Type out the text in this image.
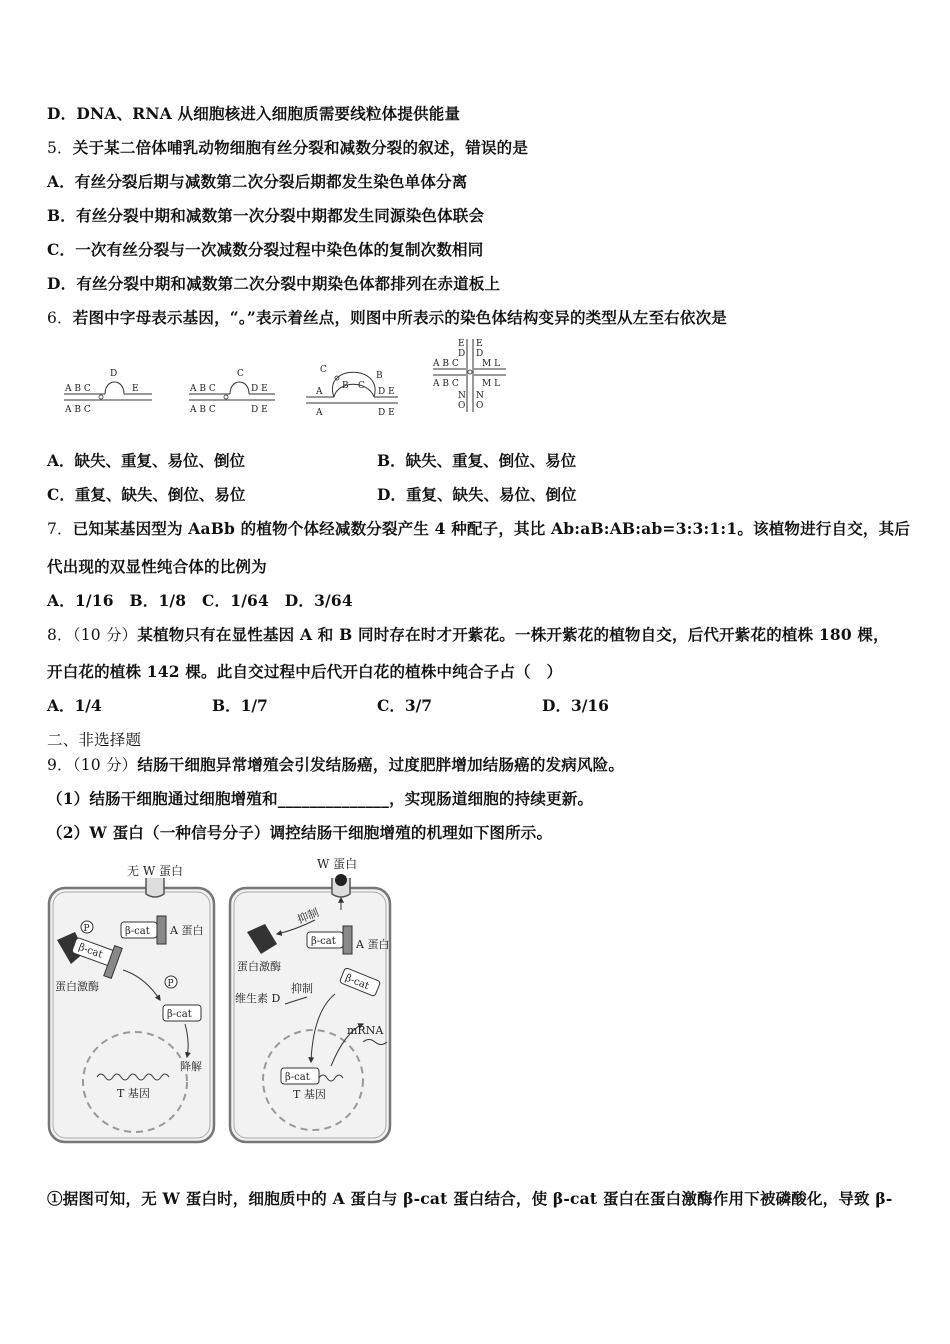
D．DNA、RNA 从细胞核进入细胞质需要线粒体提供能量
5．关于某二倍体哺乳动物细胞有丝分裂和减数分裂的叙述，错误的是
A．有丝分裂后期与减数第二次分裂后期都发生染色单体分离
B．有丝分裂中期和减数第一次分裂中期都发生同源染色体联会
C．一次有丝分裂与一次减数分裂过程中染色体的复制次数相同
D．有丝分裂中期和减数第二次分裂中期染色体都排列在赤道板上
6．若图中字母表示基因，“。”表示着丝点，则图中所表示的染色体结构变异的类型从左至右依次是
A B C
D
E
A B C
A B C
C
D E
A B C	D E
A
C
B
B C
D E
A	D E
A B C
A B C
E
D
E
D
M L
M L
N
O
N
O
A．缺失、重复、易位、倒位	B．缺失、重复、倒位、易位
C．重复、缺失、倒位、易位	D．重复、缺失、易位、倒位
7．已知某基因型为 AaBb 的植物个体经减数分裂产生 4 种配子，其比 Ab:aB:AB:ab=3:3:1:1。该植物进行自交，其后
代出现的双显性纯合体的比例为
A．1/16　B．1/8　C．1/64　D．3/64
8．（10 分）某植物只有在显性基因 A 和 B 同时存在时才开紫花。一株开紫花的植物自交，后代开紫花的植株 180 棵，
开白花的植株 142 棵。此自交过程中后代开白花的植株中纯合子占（　）
A．1/4	B．1/7	C．3/7	D．3/16
二、非选择题
9．（10 分）结肠干细胞异常增殖会引发结肠癌，过度肥胖增加结肠癌的发病风险。
（1）结肠干细胞通过细胞增殖和______________，实现肠道细胞的持续更新。
（2）W 蛋白（一种信号分子）调控结肠干细胞增殖的机理如下图所示。
无 W 蛋白
P	β-cat A 蛋白
β-cat
蛋白激酶	P
β-cat
降解
T 基因
W 蛋白
抑制
蛋白激酶
β-cat A 蛋白
维生素 D
抑制	β-cat
β-cat
mRNA
T 基因
①据图可知，无 W 蛋白时，细胞质中的 A 蛋白与 β-cat 蛋白结合，使 β-cat 蛋白在蛋白激酶作用下被磷酸化，导致 β-
